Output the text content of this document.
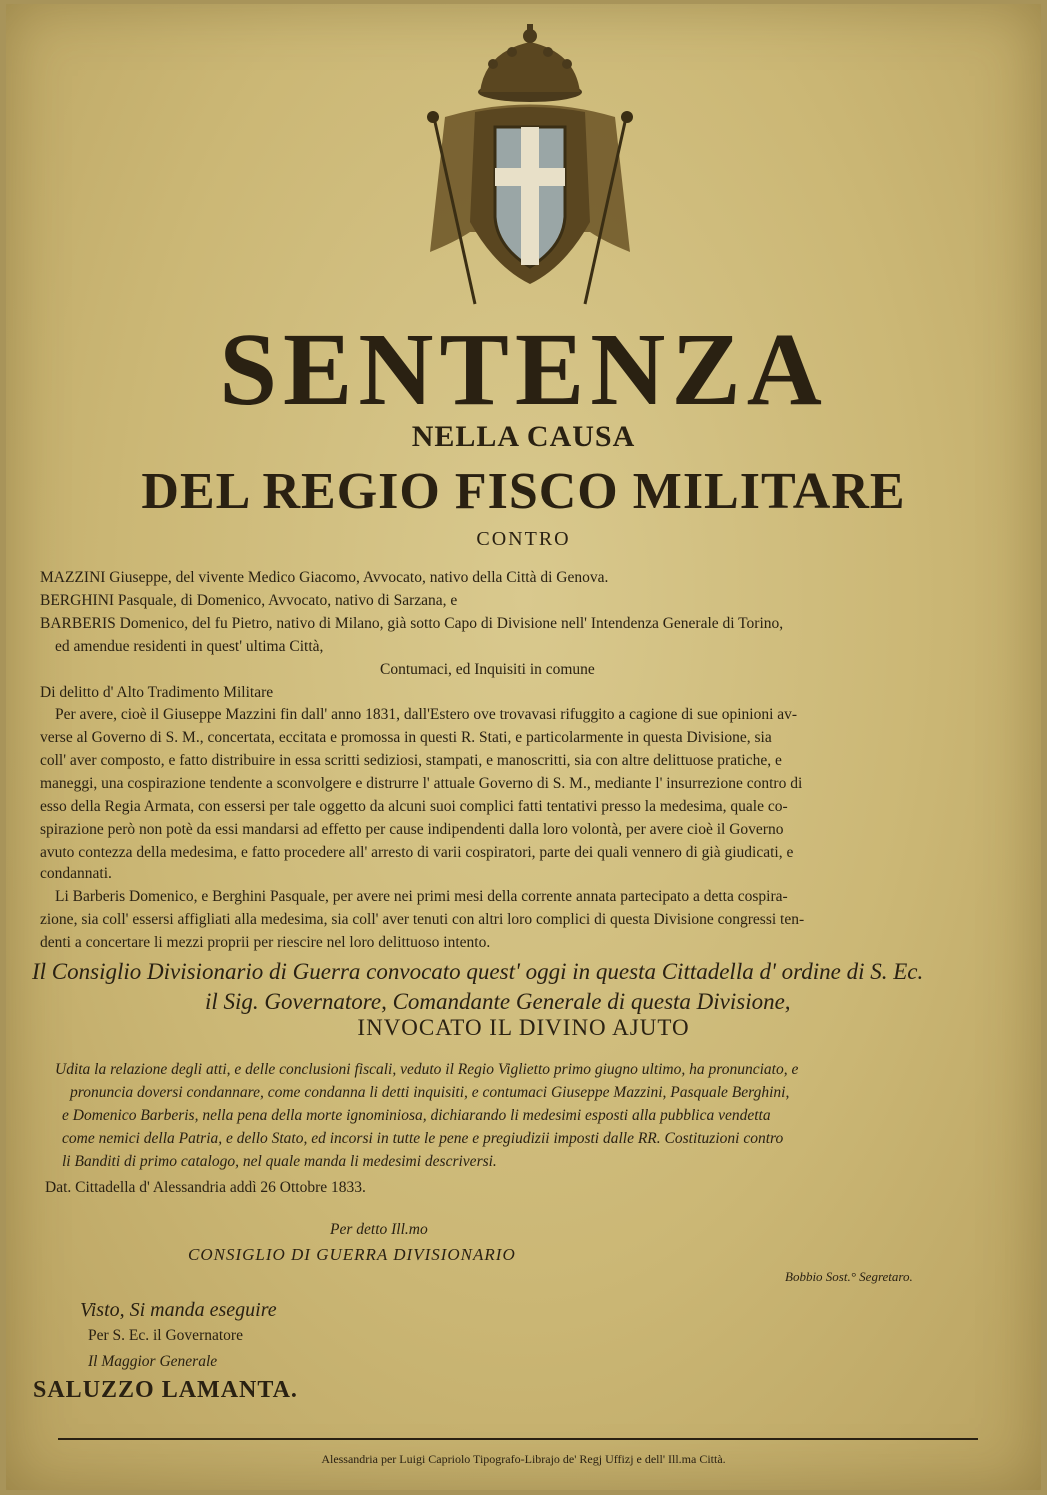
SENTENZA
NELLA CAUSA
DEL REGIO FISCO MILITARE
CONTRO
MAZZINI Giuseppe, del vivente Medico Giacomo, Avvocato, nativo della Città di Genova.
BERGHINI Pasquale, di Domenico, Avvocato, nativo di Sarzana, e
BARBERIS Domenico, del fu Pietro, nativo di Milano, già sotto Capo di Divisione nell' Intendenza Generale di Torino,
ed amendue residenti in quest' ultima Città,
Contumaci, ed Inquisiti in comune
Di delitto d' Alto Tradimento Militare
Per avere, cioè il Giuseppe Mazzini fin dall' anno 1831, dall'Estero ove trovavasi rifuggito a cagione di sue opinioni av-
verse al Governo di S. M., concertata, eccitata e promossa in questi R. Stati, e particolarmente in questa Divisione, sia
coll' aver composto, e fatto distribuire in essa scritti sediziosi, stampati, e manoscritti, sia con altre delittuose pratiche, e
maneggi, una cospirazione tendente a sconvolgere e distrurre l' attuale Governo di S. M., mediante l' insurrezione contro di
esso della Regia Armata, con essersi per tale oggetto da alcuni suoi complici fatti tentativi presso la medesima, quale co-
spirazione però non potè da essi mandarsi ad effetto per cause indipendenti dalla loro volontà, per avere cioè il Governo
avuto contezza della medesima, e fatto procedere all' arresto di varii cospiratori, parte dei quali vennero di già giudicati, e
condannati.
Li Barberis Domenico, e Berghini Pasquale, per avere nei primi mesi della corrente annata partecipato a detta cospira-
zione, sia coll' essersi affigliati alla medesima, sia coll' aver tenuti con altri loro complici di questa Divisione congressi ten-
denti a concertare li mezzi proprii per riescire nel loro delittuoso intento.
Il Consiglio Divisionario di Guerra convocato quest' oggi in questa Cittadella d' ordine di S. Ec.
il Sig. Governatore, Comandante Generale di questa Divisione,
INVOCATO IL DIVINO AJUTO
Udita la relazione degli atti, e delle conclusioni fiscali, veduto il Regio Viglietto primo giugno ultimo, ha pronunciato, e
pronuncia doversi condannare, come condanna li detti inquisiti, e contumaci Giuseppe Mazzini, Pasquale Berghini,
e Domenico Barberis, nella pena della morte ignominiosa, dichiarando li medesimi esposti alla pubblica vendetta
come nemici della Patria, e dello Stato, ed incorsi in tutte le pene e pregiudizii imposti dalle RR. Costituzioni contro
li Banditi di primo catalogo, nel quale manda li medesimi descriversi.
Dat. Cittadella d' Alessandria addì 26 Ottobre 1833.
Per detto Ill.mo
CONSIGLIO DI GUERRA DIVISIONARIO
Bobbio Sost.° Segretaro.
Visto, Si manda eseguire
Per S. Ec. il Governatore
Il Maggior Generale
SALUZZO LAMANTA.
Alessandria per Luigi Capriolo Tipografo-Librajo de' Regj Uffizj e dell' Ill.ma Città.
